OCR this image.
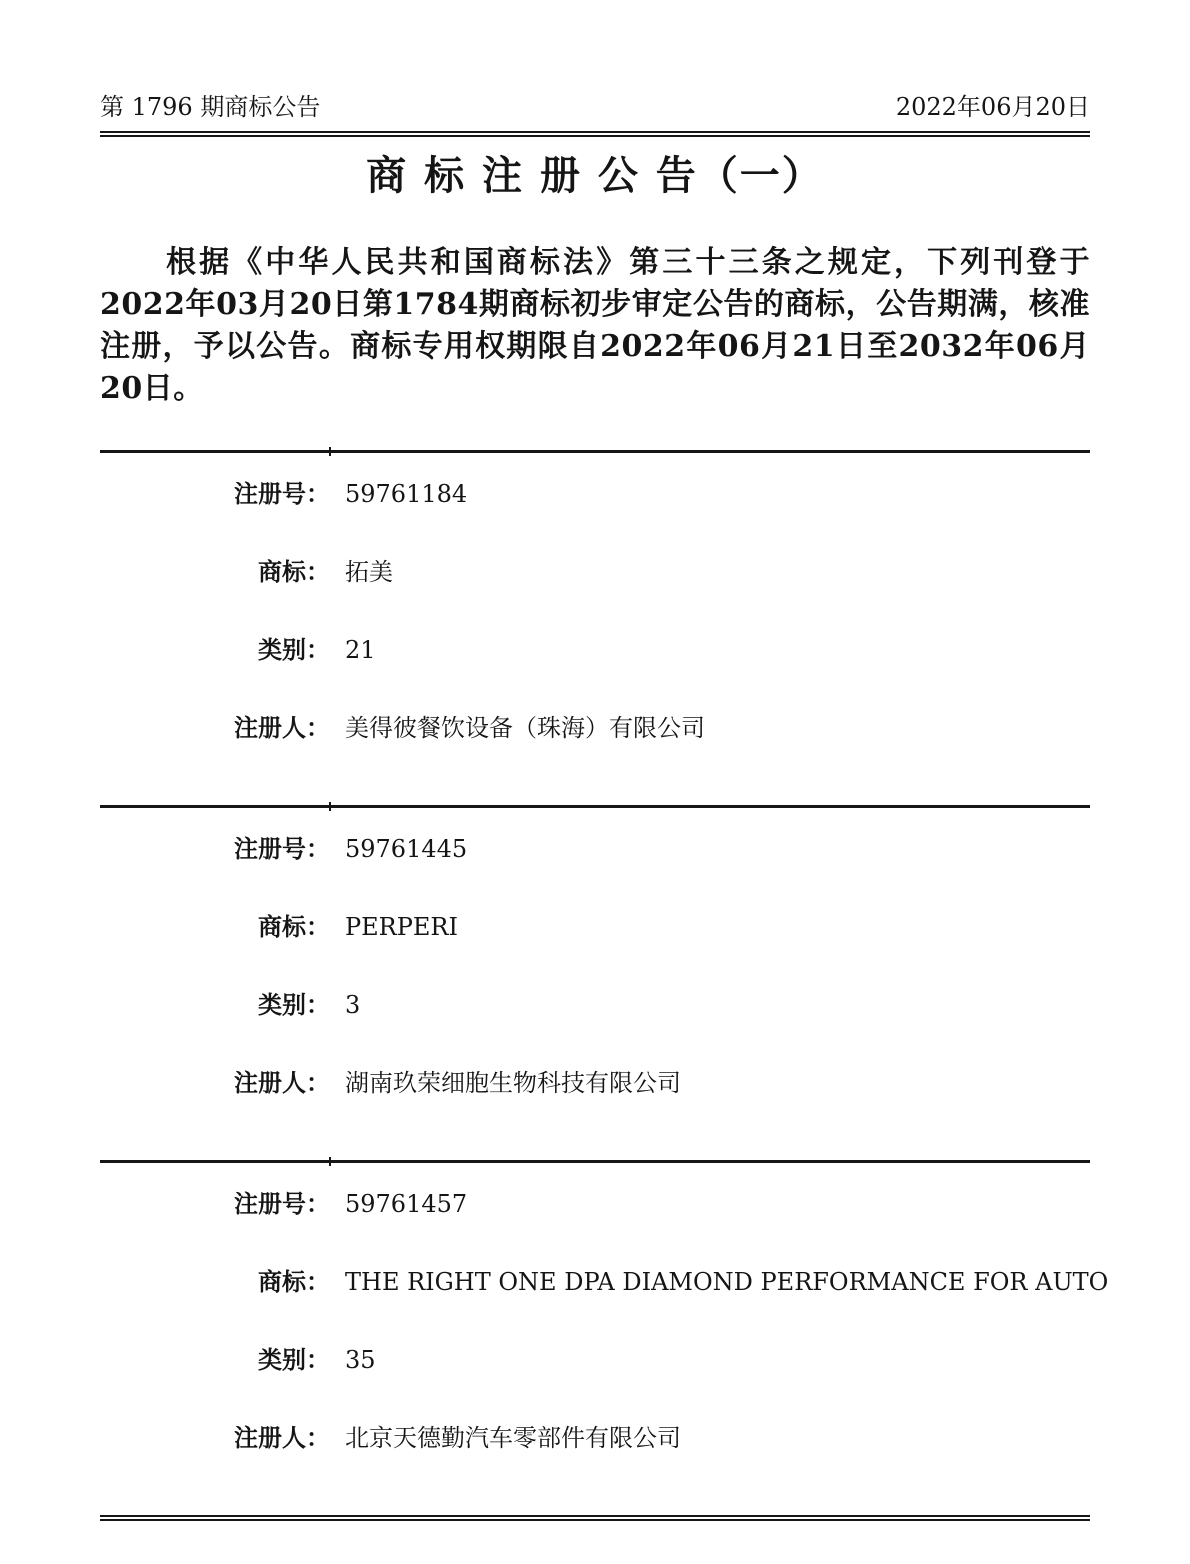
第 1796 期商标公告	2022年06月20日
商 标 注 册 公 告（一）

根据《中华人民共和国商标法》第三十三条之规定，下列刊登于2022年03月20日第1784期商标初步审定公告的商标，公告期满，核准注册，予以公告。商标专用权期限自2022年06月21日至2032年06月20日。

注册号： 59761184
商标： 拓美
类别： 21
注册人： 美得彼餐饮设备（珠海）有限公司
注册号： 59761445
商标： PERPERI
类别： 3
注册人： 湖南玖荣细胞生物科技有限公司
注册号： 59761457
商标： THE RIGHT ONE DPA DIAMOND PERFORMANCE FOR AUTO
类别： 35
注册人： 北京天德勤汽车零部件有限公司
